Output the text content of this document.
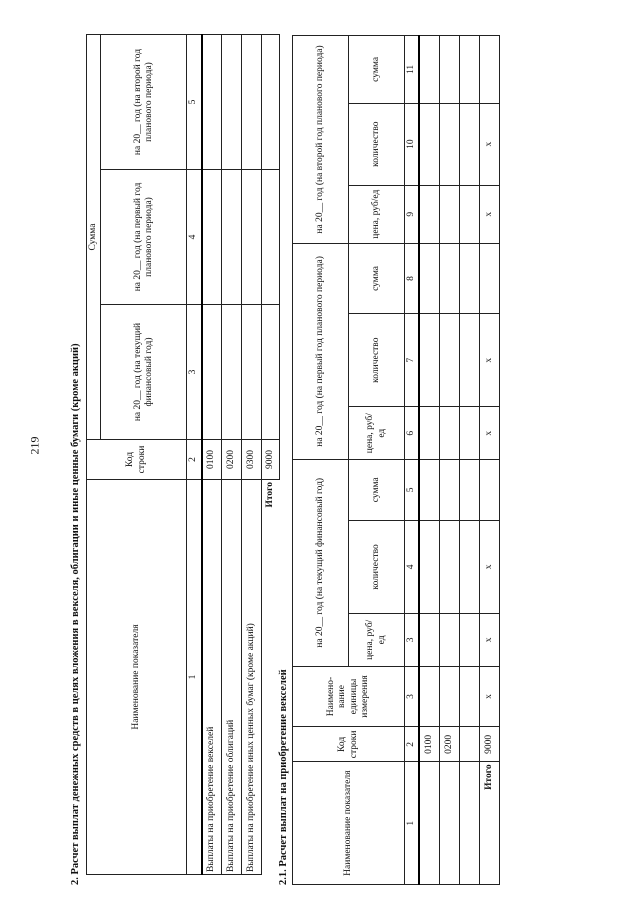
219	2. Расчет выплат денежных средств в целях вложения в векселя, облигации и иные ценные бумаги (кроме акций)	Наименование показателя	Код строки	Сумма		
		на 20__ год (на текущий финансовый год)	на 20__ год (на первый год планового периода)	на 20__ год (на второй год планового периода)
1	2	3	4	5
Выплаты на приобретение векселей	0100			
Выплаты на приобретение облигаций	0200			
Выплаты на приобретение иных ценных бумаг (кроме акций)	0300			
Итого	9000			
2.1. Расчет выплат на приобретение векселей	Наименование показателя	Код строки	Наимено-вание единицы измерения	на 20__ год (на текущий финансовый год)			на 20__ год (на первый год планового периода)			на 20__ год (на второй год планового периода)		
			цена, руб/ед	количество	сумма	цена, руб/ед	количество	сумма	цена, руб/ед	количество	сумма
1	2	3	3	4	5	6	7	8	9	10	11
	0100										
	0200										

Итого	9000	x	x	x		x	x		x	x	
